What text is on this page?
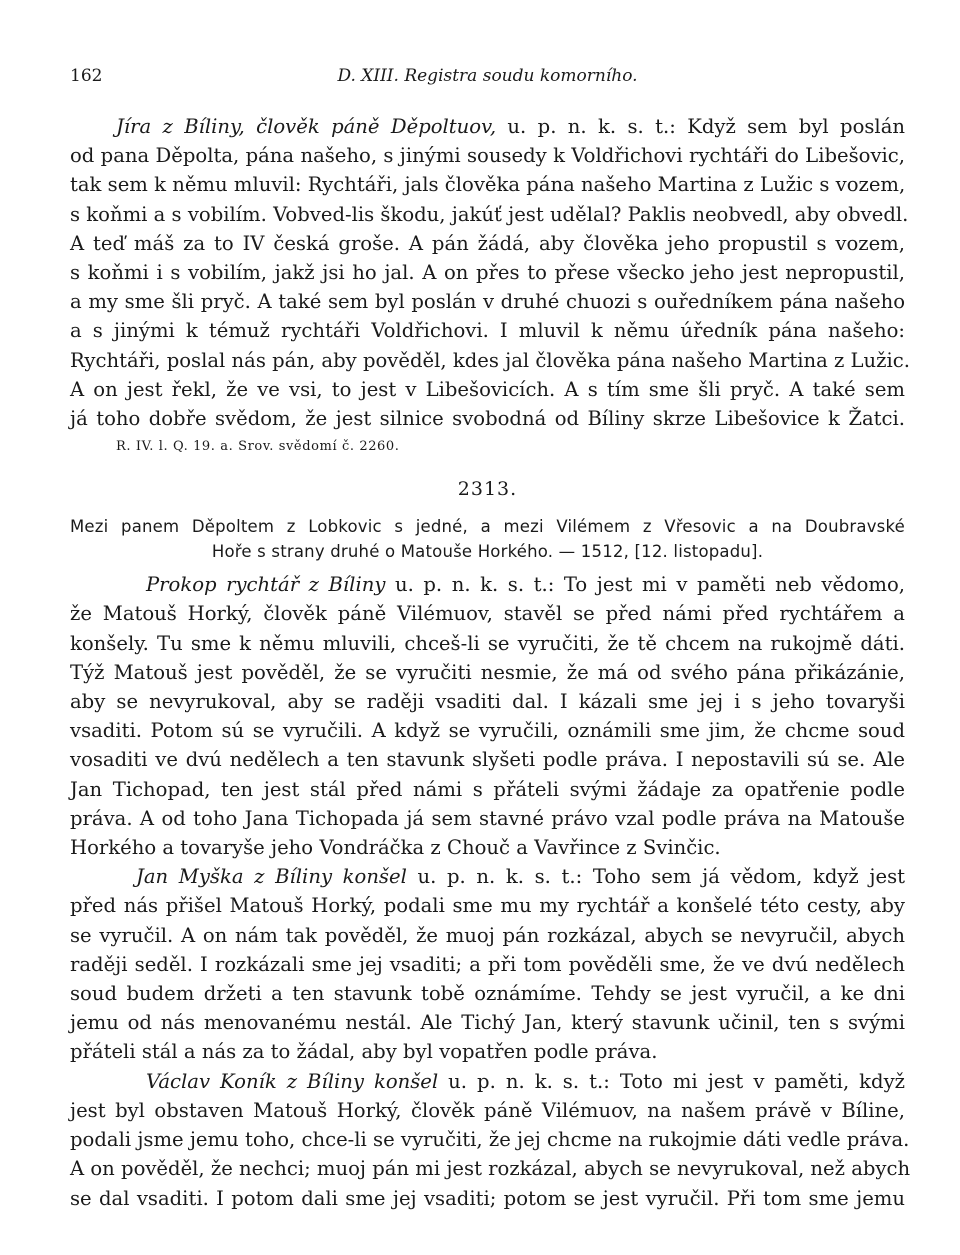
162	D. XIII. Registra soudu komorního.
Jíra z Bíliny, člověk páně Děpoltuov, u. p. n. k. s. t.: Když sem byl poslán
od pana Děpolta, pána našeho, s jinými sousedy k Voldřichovi rychtáři do Libešovic,
tak sem k němu mluvil: Rychtáři, jals člověka pána našeho Martina z Lužic s vozem,
s koňmi a s vobilím. Vobved-lis škodu, jakúť jest udělal? Paklis neobvedl, aby obvedl.
A teď máš za to IV česká groše. A pán žádá, aby člověka jeho propustil s vozem,
s koňmi i s vobilím, jakž jsi ho jal. A on přes to přese všecko jeho jest nepropustil,
a my sme šli pryč. A také sem byl poslán v druhé chuozi s ouředníkem pána našeho
a s jinými k témuž rychtáři Voldřichovi. I mluvil k němu úředník pána našeho:
Rychtáři, poslal nás pán, aby pověděl, kdes jal člověka pána našeho Martina z Lužic.
A on jest řekl, že ve vsi, to jest v Libešovicích. A s tím sme šli pryč. A také sem
já toho dobře svědom, že jest silnice svobodná od Bíliny skrze Libešovice k Žatci.
R. IV. l. Q. 19. a. Srov. svědomí č. 2260.
2313.
Mezi panem Děpoltem z Lobkovic s jedné, a mezi Vilémem z Vřesovic a na Doubravské
Hoře s strany druhé o Matouše Horkého. — 1512, [12. listopadu].
Prokop rychtář z Bíliny u. p. n. k. s. t.: To jest mi v paměti neb vědomo,
že Matouš Horký, člověk páně Vilémuov, stavěl se před námi před rychtářem a
konšely. Tu sme k němu mluvili, chceš-li se vyručiti, že tě chcem na rukojmě dáti.
Týž Matouš jest pověděl, že se vyručiti nesmie, že má od svého pána přikázánie,
aby se nevyrukoval, aby se raději vsaditi dal. I kázali sme jej i s jeho tovaryši
vsaditi. Potom sú se vyručili. A když se vyručili, oznámili sme jim, že chcme soud
vosaditi ve dvú nedělech a ten stavunk slyšeti podle práva. I nepostavili sú se. Ale
Jan Tichopad, ten jest stál před námi s přáteli svými žádaje za opatřenie podle
práva. A od toho Jana Tichopada já sem stavné právo vzal podle práva na Matouše
Horkého a tovaryše jeho Vondráčka z Chouč a Vavřince z Svinčic.
Jan Myška z Bíliny konšel u. p. n. k. s. t.: Toho sem já vědom, když jest
před nás přišel Matouš Horký, podali sme mu my rychtář a konšelé této cesty, aby
se vyručil. A on nám tak pověděl, že muoj pán rozkázal, abych se nevyručil, abych
raději seděl. I rozkázali sme jej vsaditi; a při tom pověděli sme, že ve dvú nedělech
soud budem držeti a ten stavunk tobě oznámíme. Tehdy se jest vyručil, a ke dni
jemu od nás menovanému nestál. Ale Tichý Jan, který stavunk učinil, ten s svými
přáteli stál a nás za to žádal, aby byl vopatřen podle práva.
Václav Koník z Bíliny konšel u. p. n. k. s. t.: Toto mi jest v paměti, když
jest byl obstaven Matouš Horký, člověk páně Vilémuov, na našem právě v Bíline,
podali jsme jemu toho, chce-li se vyručiti, že jej chcme na rukojmie dáti vedle práva.
A on pověděl, že nechci; muoj pán mi jest rozkázal, abych se nevyrukoval, než abych
se dal vsaditi. I potom dali sme jej vsaditi; potom se jest vyručil. Při tom sme jemu
